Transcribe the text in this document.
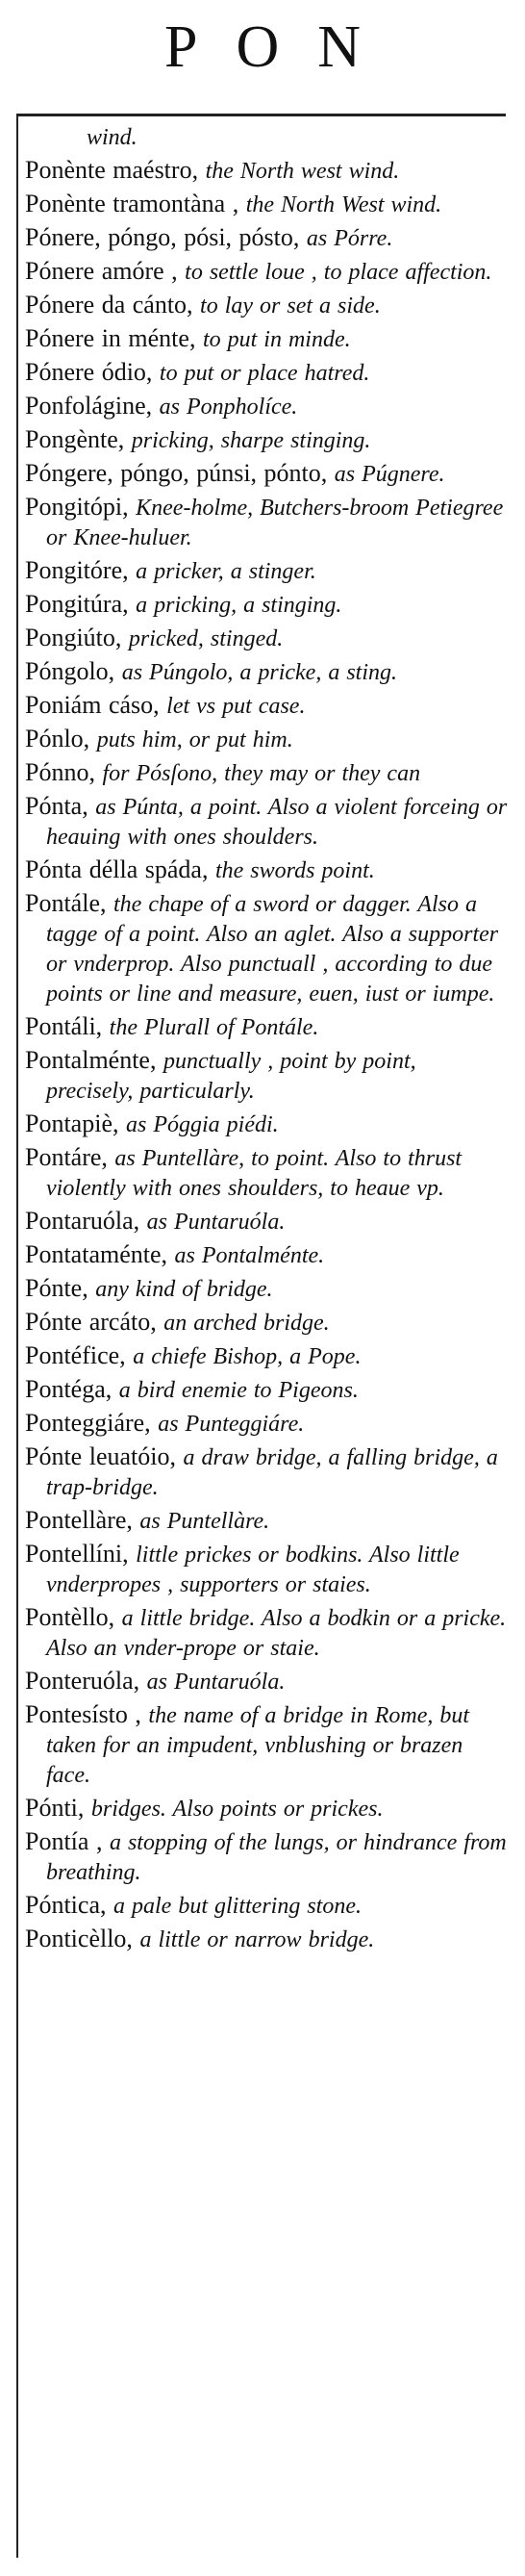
PON

wind.

Ponènte maéstro, the North west wind.

Ponènte tramontàna , the North West wind.

Pónere, póngo, pósi, pósto, as Pórre.

Pónere amóre , to settle loue , to place affection.

Pónere da cánto, to lay or set a side.

Pónere in ménte, to put in minde.

Pónere ódio, to put or place hatred.

Ponfolágine, as Ponpholíce.

Pongènte, pricking, sharpe stinging.

Póngere, póngo, púnsi, pónto, as Púgnere.

Pongitópi, Knee-holme, Butchers-broom Petiegree or Knee-huluer.

Pongitóre, a pricker, a stinger.

Pongitúra, a pricking, a stinging.

Pongiúto, pricked, stinged.

Póngolo, as Púngolo, a pricke, a sting.

Poniám cáso, let vs put case.

Pónlo, puts him, or put him.

Pónno, for Pósſono, they may or they can

Pónta, as Púnta, a point. Also a violent forceing or heauing with ones shoulders.

Pónta délla spáda, the swords point.

Pontále, the chape of a sword or dagger. Also a tagge of a point. Also an aglet. Also a supporter or vnderprop. Also punctuall , according to due points or line and measure, euen, iust or iumpe.

Pontáli, the Plurall of Pontále.

Pontalménte, punctually , point by point, precisely, particularly.

Pontapiè, as Póggia piédi.

Pontáre, as Puntellàre, to point. Also to thrust violently with ones shoulders, to heaue vp.

Pontaruóla, as Puntaruóla.

Pontataménte, as Pontalménte.

Pónte, any kind of bridge.

Pónte arcáto, an arched bridge.

Pontéfice, a chiefe Bishop, a Pope.

Pontéga, a bird enemie to Pigeons.

Ponteggiáre, as Punteggiáre.

Pónte leuatóio, a draw bridge, a falling bridge, a trap-bridge.

Pontellàre, as Puntellàre.

Pontellíni, little prickes or bodkins. Also little vnderpropes , supporters or staies.

Pontèllo, a little bridge. Also a bodkin or a pricke. Also an vnder-prope or staie.

Ponteruóla, as Puntaruóla.

Pontesísto , the name of a bridge in Rome, but taken for an impudent, vnblushing or brazen face.

Pónti, bridges. Also points or prickes.

Pontía , a stopping of the lungs, or hindrance from breathing.

Póntica, a pale but glittering stone.

Ponticèllo, a little or narrow bridge.
